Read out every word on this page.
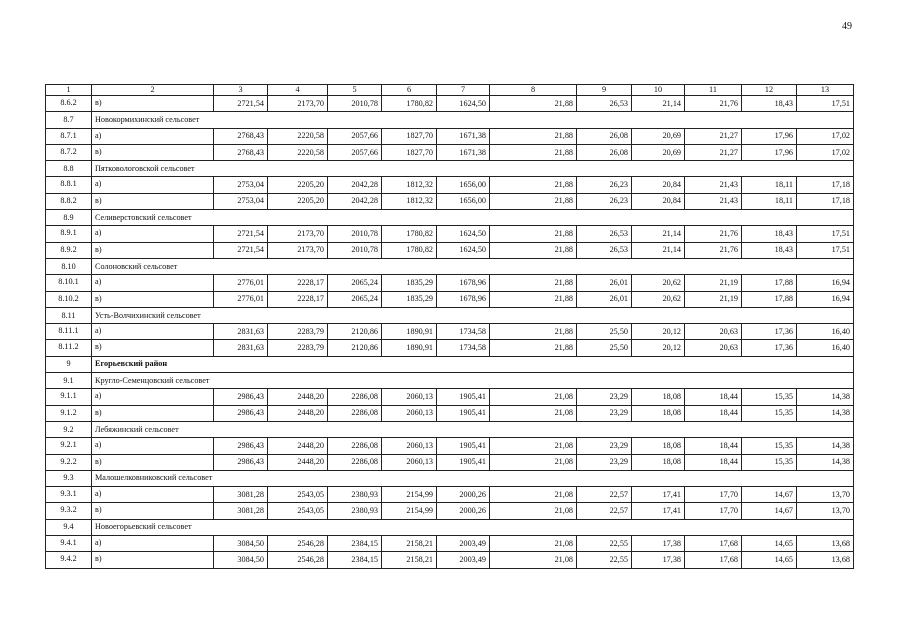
49
1	2	3	4	5	6	7	8	9	10	11	12	13
8.6.2	в)	2721,54	2173,70	2010,78	1780,82	1624,50	21,88	26,53	21,14	21,76	18,43	17,51
8.7	Новокормихинский сельсовет											
8.7.1	а)	2768,43	2220,58	2057,66	1827,70	1671,38	21,88	26,08	20,69	21,27	17,96	17,02
8.7.2	в)	2768,43	2220,58	2057,66	1827,70	1671,38	21,88	26,08	20,69	21,27	17,96	17,02
8.8	Пятковологовской сельсовет											
8.8.1	а)	2753,04	2205,20	2042,28	1812,32	1656,00	21,88	26,23	20,84	21,43	18,11	17,18
8.8.2	в)	2753,04	2205,20	2042,28	1812,32	1656,00	21,88	26,23	20,84	21,43	18,11	17,18
8.9	Селиверстовский сельсовет											
8.9.1	а)	2721,54	2173,70	2010,78	1780,82	1624,50	21,88	26,53	21,14	21,76	18,43	17,51
8.9.2	в)	2721,54	2173,70	2010,78	1780,82	1624,50	21,88	26,53	21,14	21,76	18,43	17,51
8.10	Солоновский сельсовет											
8.10.1	а)	2776,01	2228,17	2065,24	1835,29	1678,96	21,88	26,01	20,62	21,19	17,88	16,94
8.10.2	в)	2776,01	2228,17	2065,24	1835,29	1678,96	21,88	26,01	20,62	21,19	17,88	16,94
8.11	Усть-Волчихинский сельсовет											
8.11.1	а)	2831,63	2283,79	2120,86	1890,91	1734,58	21,88	25,50	20,12	20,63	17,36	16,40
8.11.2	в)	2831,63	2283,79	2120,86	1890,91	1734,58	21,88	25,50	20,12	20,63	17,36	16,40
9	Егорьевский район											
9.1	Кругло-Семенцовский сельсовет											
9.1.1	а)	2986,43	2448,20	2286,08	2060,13	1905,41	21,08	23,29	18,08	18,44	15,35	14,38
9.1.2	в)	2986,43	2448,20	2286,08	2060,13	1905,41	21,08	23,29	18,08	18,44	15,35	14,38
9.2	Лебяжинский сельсовет											
9.2.1	а)	2986,43	2448,20	2286,08	2060,13	1905,41	21,08	23,29	18,08	18,44	15,35	14,38
9.2.2	в)	2986,43	2448,20	2286,08	2060,13	1905,41	21,08	23,29	18,08	18,44	15,35	14,38
9.3	Малошелковниковский сельсовет											
9.3.1	а)	3081,28	2543,05	2380,93	2154,99	2000,26	21,08	22,57	17,41	17,70	14,67	13,70
9.3.2	в)	3081,28	2543,05	2380,93	2154,99	2000,26	21,08	22,57	17,41	17,70	14,67	13,70
9.4	Новоегорьевский сельсовет											
9.4.1	а)	3084,50	2546,28	2384,15	2158,21	2003,49	21,08	22,55	17,38	17,68	14,65	13,68
9.4.2	в)	3084,50	2546,28	2384,15	2158,21	2003,49	21,08	22,55	17,38	17,68	14,65	13,68
